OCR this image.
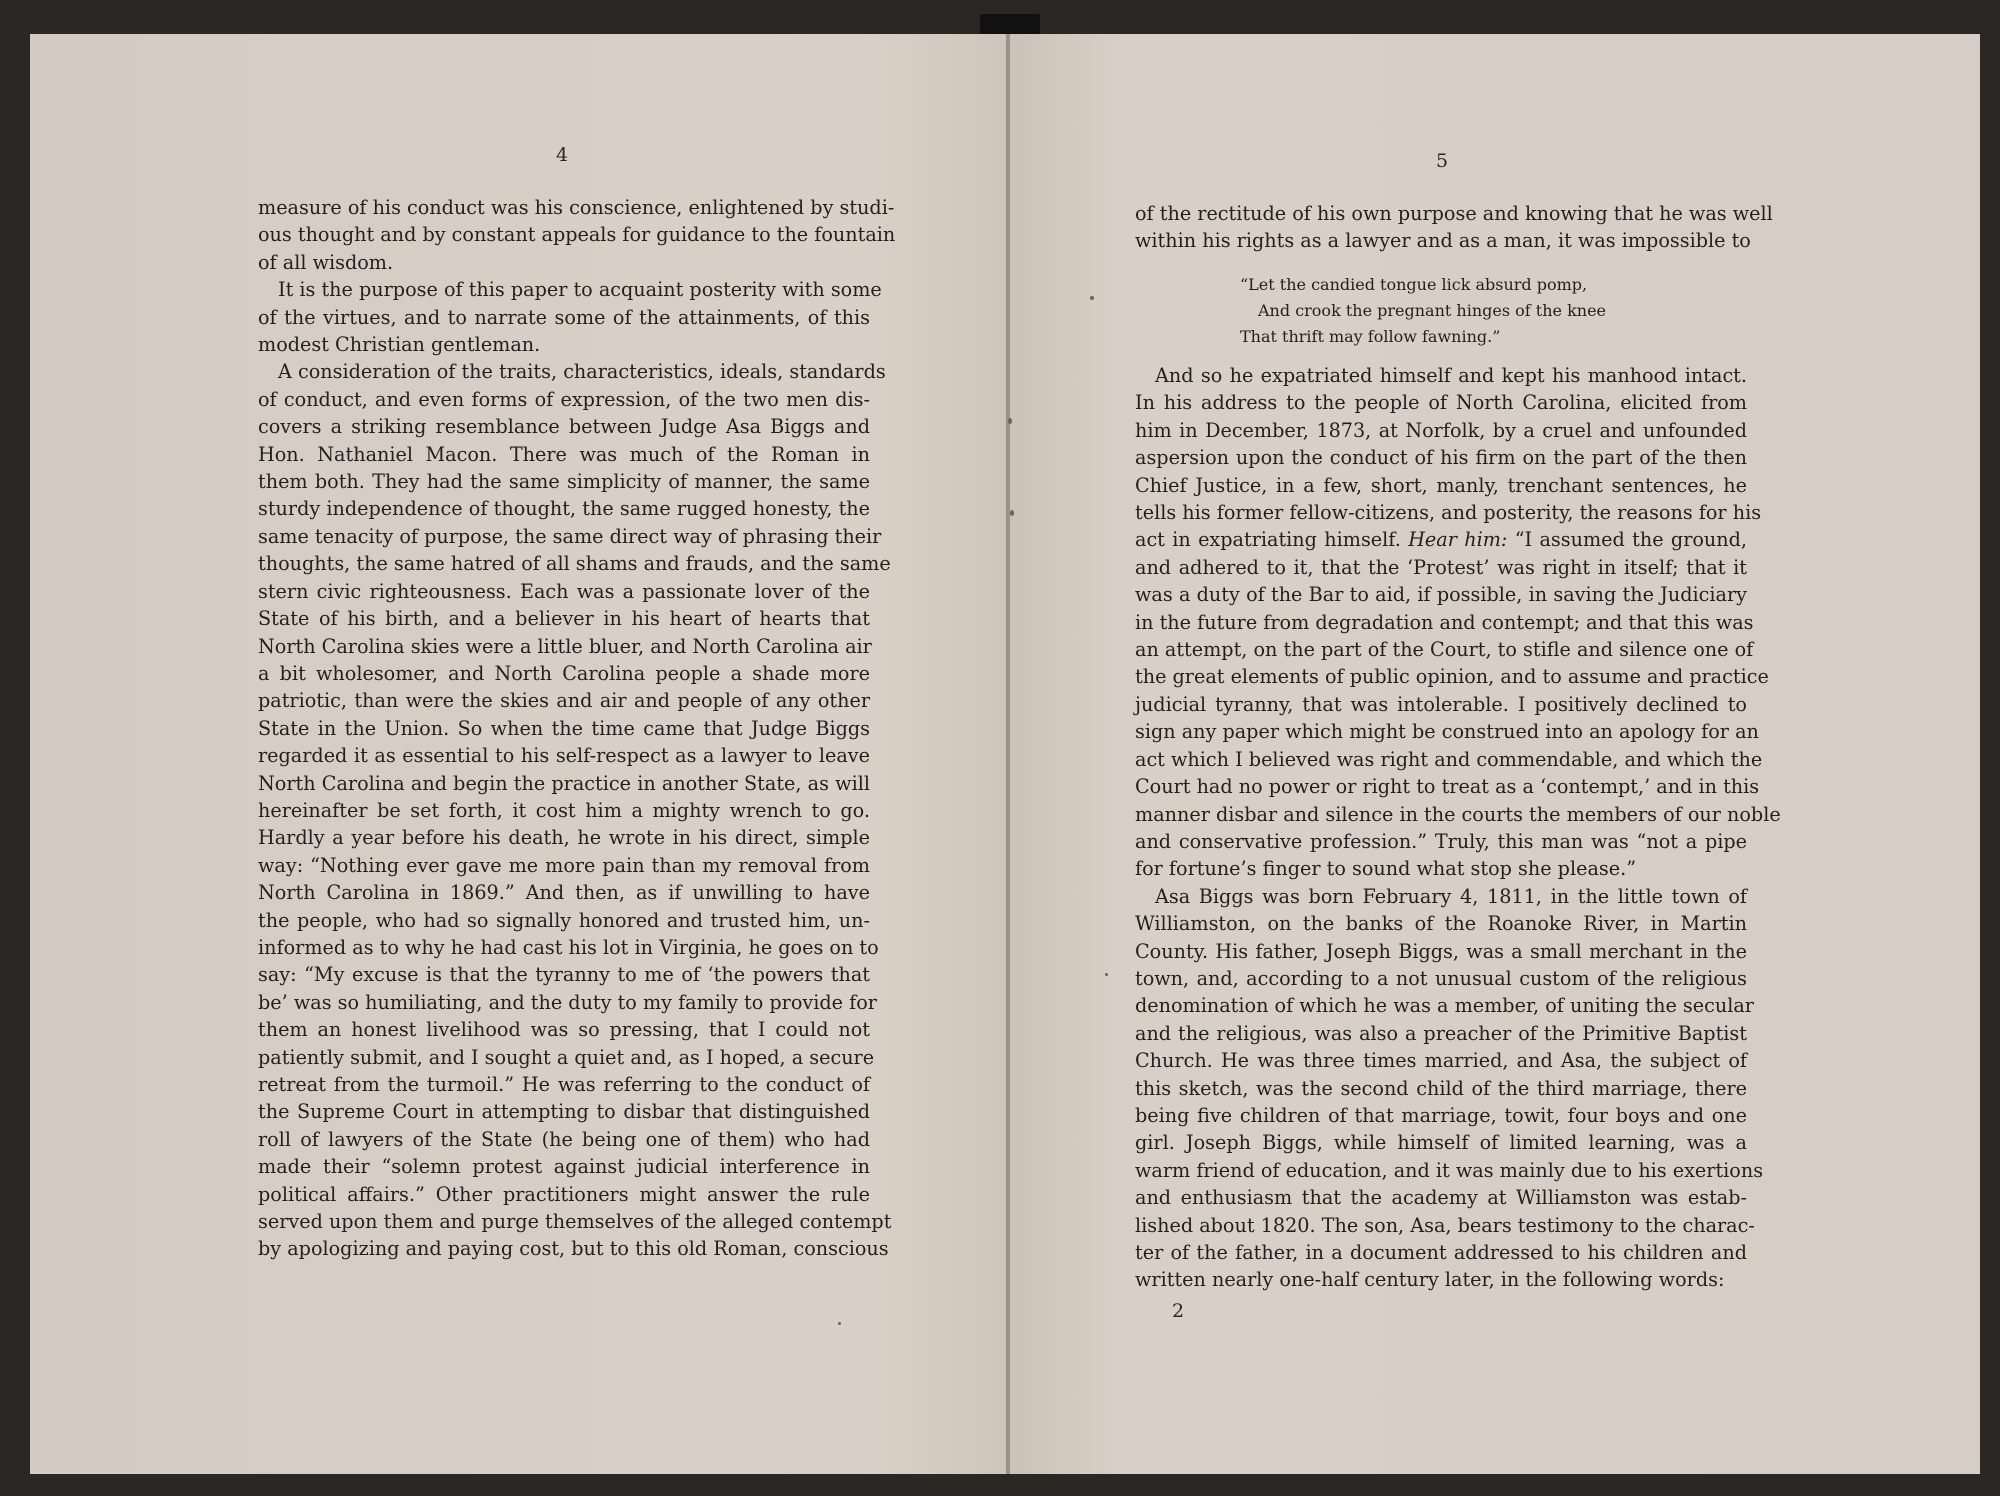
4

measure of his conduct was his conscience, enlightened by studi-
ous thought and by constant appeals for guidance to the fountain
of all wisdom.

It is the purpose of this paper to acquaint posterity with some
of the virtues, and to narrate some of the attainments, of this
modest Christian gentleman.

A consideration of the traits, characteristics, ideals, standards
of conduct, and even forms of expression, of the two men dis-
covers a striking resemblance between Judge Asa Biggs and
Hon. Nathaniel Macon. There was much of the Roman in
them both. They had the same simplicity of manner, the same
sturdy independence of thought, the same rugged honesty, the
same tenacity of purpose, the same direct way of phrasing their
thoughts, the same hatred of all shams and frauds, and the same
stern civic righteousness. Each was a passionate lover of the
State of his birth, and a believer in his heart of hearts that
North Carolina skies were a little bluer, and North Carolina air
a bit wholesomer, and North Carolina people a shade more
patriotic, than were the skies and air and people of any other
State in the Union. So when the time came that Judge Biggs
regarded it as essential to his self-respect as a lawyer to leave
North Carolina and begin the practice in another State, as will
hereinafter be set forth, it cost him a mighty wrench to go.
Hardly a year before his death, he wrote in his direct, simple
way: “Nothing ever gave me more pain than my removal from
North Carolina in 1869.” And then, as if unwilling to have
the people, who had so signally honored and trusted him, un-
informed as to why he had cast his lot in Virginia, he goes on to
say: “My excuse is that the tyranny to me of ‘the powers that
be’ was so humiliating, and the duty to my family to provide for
them an honest livelihood was so pressing, that I could not
patiently submit, and I sought a quiet and, as I hoped, a secure
retreat from the turmoil.” He was referring to the conduct of
the Supreme Court in attempting to disbar that distinguished
roll of lawyers of the State (he being one of them) who had
made their “solemn protest against judicial interference in
political affairs.” Other practitioners might answer the rule
served upon them and purge themselves of the alleged contempt
by apologizing and paying cost, but to this old Roman, conscious

5
of the rectitude of his own purpose and knowing that he was well
within his rights as a lawyer and as a man, it was impossible to
“Let the candied tongue lick absurd pomp,
And crook the pregnant hinges of the knee
That thrift may follow fawning.”

And so he expatriated himself and kept his manhood intact.
In his address to the people of North Carolina, elicited from
him in December, 1873, at Norfolk, by a cruel and unfounded
aspersion upon the conduct of his firm on the part of the then
Chief Justice, in a few, short, manly, trenchant sentences, he
tells his former fellow-citizens, and posterity, the reasons for his
act in expatriating himself. Hear him: “I assumed the ground,
and adhered to it, that the ‘Protest’ was right in itself; that it
was a duty of the Bar to aid, if possible, in saving the Judiciary
in the future from degradation and contempt; and that this was
an attempt, on the part of the Court, to stifle and silence one of
the great elements of public opinion, and to assume and practice
judicial tyranny, that was intolerable. I positively declined to
sign any paper which might be construed into an apology for an
act which I believed was right and commendable, and which the
Court had no power or right to treat as a ‘contempt,’ and in this
manner disbar and silence in the courts the members of our noble
and conservative profession.” Truly, this man was “not a pipe
for fortune’s finger to sound what stop she please.”

Asa Biggs was born February 4, 1811, in the little town of
Williamston, on the banks of the Roanoke River, in Martin
County. His father, Joseph Biggs, was a small merchant in the
town, and, according to a not unusual custom of the religious
denomination of which he was a member, of uniting the secular
and the religious, was also a preacher of the Primitive Baptist
Church. He was three times married, and Asa, the subject of
this sketch, was the second child of the third marriage, there
being five children of that marriage, towit, four boys and one
girl. Joseph Biggs, while himself of limited learning, was a
warm friend of education, and it was mainly due to his exertions
and enthusiasm that the academy at Williamston was estab-
lished about 1820. The son, Asa, bears testimony to the charac-
ter of the father, in a document addressed to his children and
written nearly one-half century later, in the following words:

2
